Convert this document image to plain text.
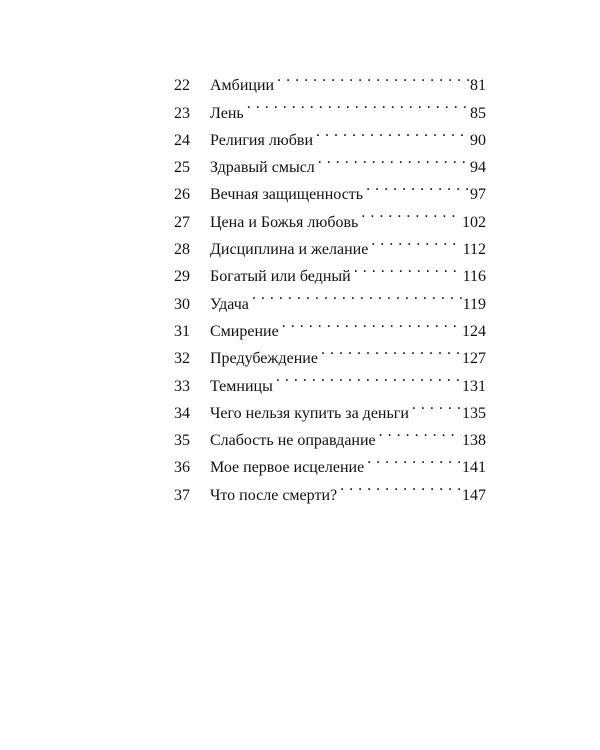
22	Амбиции . . .	81
23	Лень . . .	85
24	Религия любви . . .	90
25	Здравый смысл . . .	94
26	Вечная защищенность . . .	97
27	Цена и Божья любовь . . .	102
28	Дисциплина и желание . . .	112
29	Богатый или бедный . . .	116
30	Удача . . .	119
31	Смирение . . .	124
32	Предубеждение . . .	127
33	Темницы . . .	131
34	Чего нельзя купить за деньги . . .	135
35	Слабость не оправдание . . .	138
36	Мое первое исцеление . . .	141
37	Что после смерти? . . .	147
